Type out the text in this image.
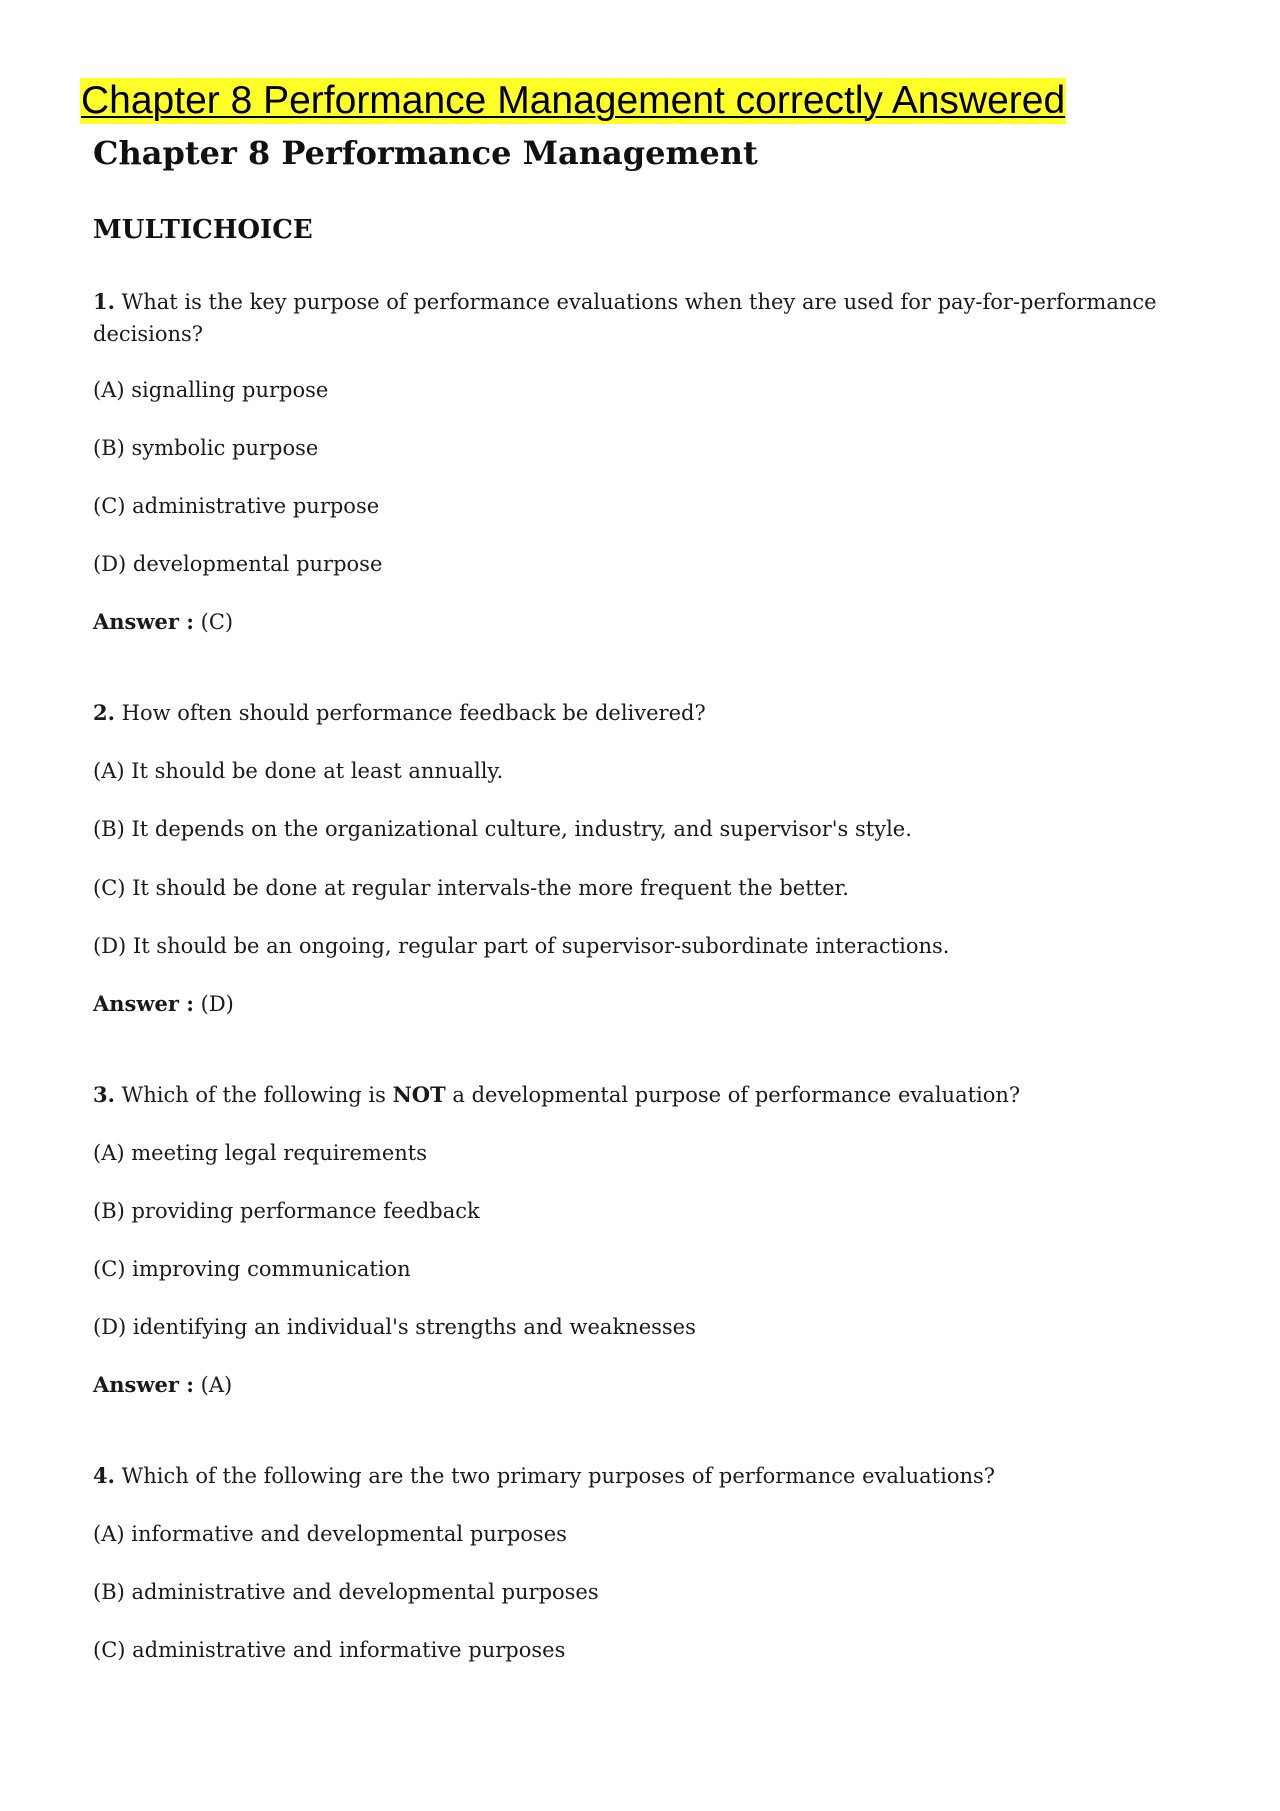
Chapter 8 Performance Management correctly Answered
Chapter 8 Performance Management
MULTICHOICE

1. What is the key purpose of performance evaluations when they are used for pay-for-performance decisions?

(A) signalling purpose

(B) symbolic purpose

(C) administrative purpose

(D) developmental purpose

Answer : (C)

2. How often should performance feedback be delivered?

(A) It should be done at least annually.

(B) It depends on the organizational culture, industry, and supervisor's style.

(C) It should be done at regular intervals-the more frequent the better.

(D) It should be an ongoing, regular part of supervisor-subordinate interactions.

Answer : (D)

3. Which of the following is NOT a developmental purpose of performance evaluation?

(A) meeting legal requirements

(B) providing performance feedback

(C) improving communication

(D) identifying an individual's strengths and weaknesses

Answer : (A)

4. Which of the following are the two primary purposes of performance evaluations?

(A) informative and developmental purposes

(B) administrative and developmental purposes

(C) administrative and informative purposes
